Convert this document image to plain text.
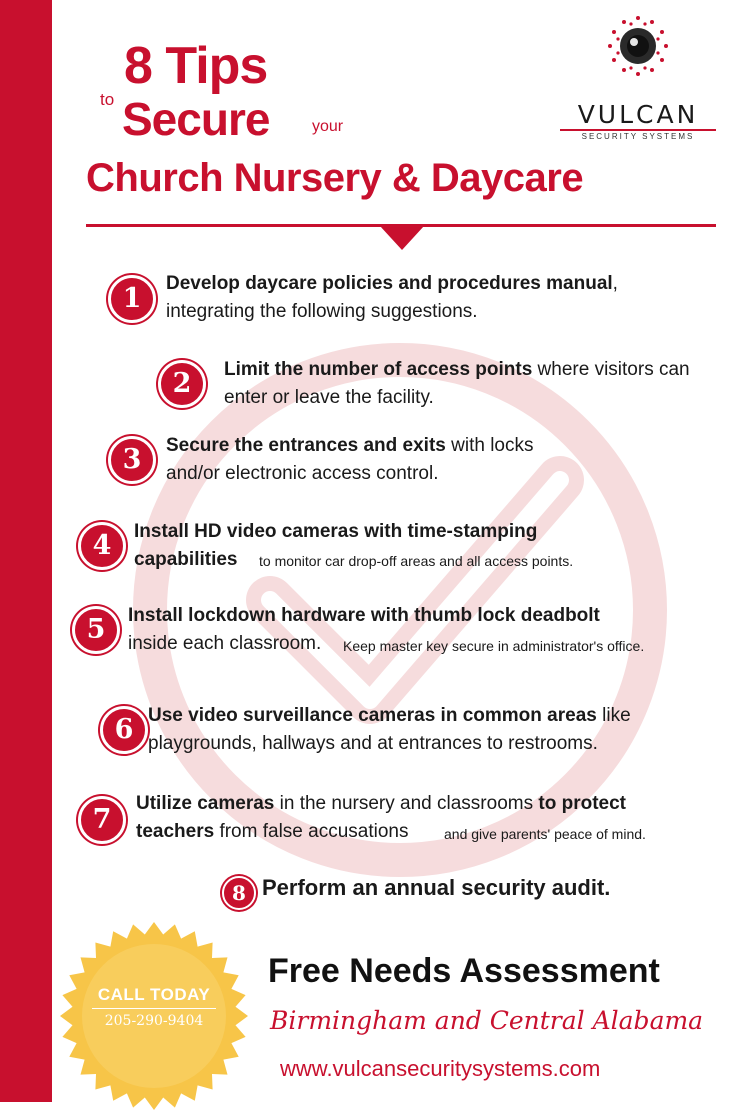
to
8 Tips
Secure	your
Church Nursery & Daycare
VULCAN
SECURITY SYSTEMS
1	Develop daycare policies and procedures manual, integrating the following suggestions.
2	Limit the number of access points where visitors can enter or leave the facility.
3	Secure the entrances and exits with locks and/or electronic access control.
4	Install HD video cameras with time-stamping capabilities	to monitor car drop-off areas and all access points.
5	Install lockdown hardware with thumb lock deadbolt
inside each classroom.	Keep master key secure in administrator's office.
6 Use video surveillance cameras in common areas like playgrounds, hallways and at entrances to restrooms.
7
Utilize cameras in the nursery and classrooms to protect teachers from false accusations	and give parents' peace of mind.
8 Perform an annual security audit.
CALL TODAY
205-290-9404
Free Needs Assessment
Birmingham and Central Alabama
www.vulcansecuritysystems.com
